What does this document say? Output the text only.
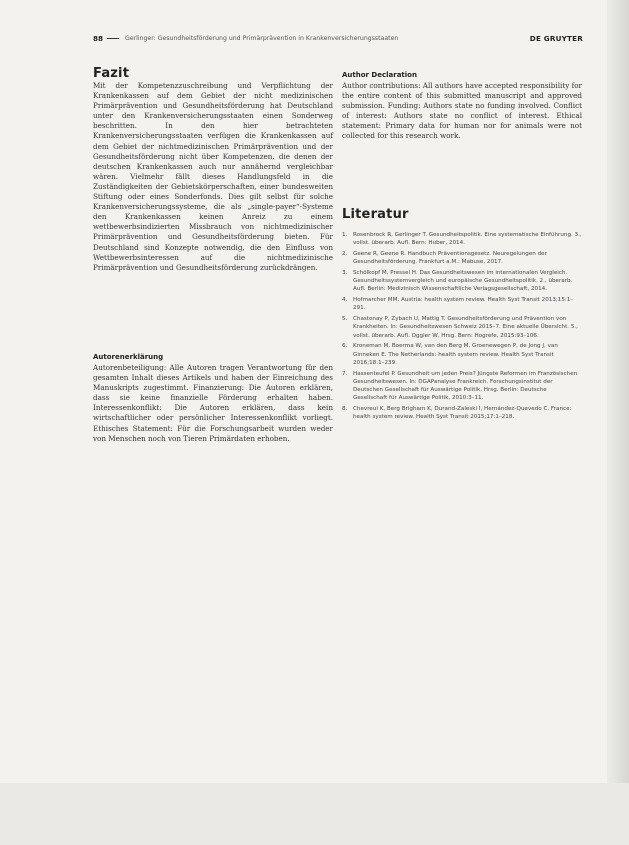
88	Gerlinger: Gesundheitsförderung und Primärprävention in Krankenversicherungsstaaten	DE GRUYTER
Fazit

Mit der Kompetenzzuschreibung und Verpflichtung der Krankenkassen auf dem Gebiet der nicht medizinischen Primärprävention und Gesundheitsförderung hat Deutschland unter den Krankenversicherungsstaaten einen Sonderweg beschritten. In den hier betrachteten Krankenversicherungsstaaten verfügen die Krankenkassen auf dem Gebiet der nichtmedizinischen Primärprävention und der Gesundheitsförderung nicht über Kompetenzen, die denen der deutschen Krankenkassen auch nur annähernd vergleichbar wären. Vielmehr fällt dieses Handlungsfeld in die Zuständigkeiten der Gebietskörperschaften, einer bundesweiten Stiftung oder eines Sonderfonds. Dies gilt selbst für solche Krankenversicherungssysteme, die als „single-payer“-Systeme den Krankenkassen keinen Anreiz zu einem wettbewerbsindizierten Missbrauch von nichtmedizinischer Primärprävention und Gesundheitsförderung bieten. Für Deutschland sind Konzepte notwendig, die den Einfluss von Wettbewerbsinteressen auf die nichtmedizinische Primärprävention und Gesundheitsförderung zurückdrängen.

Autorenerklärung

Autorenbeteiligung: Alle Autoren tragen Verantwortung für den gesamten Inhalt dieses Artikels und haben der Einreichung des Manuskripts zugestimmt. Finanzierung: Die Autoren erklären, dass sie keine finanzielle Förderung erhalten haben. Interessenkonflikt: Die Autoren erklären, dass kein wirtschaftlicher oder persönlicher Interessenkonflikt vorliegt. Ethisches Statement: Für die Forschungsarbeit wurden weder von Menschen noch von Tieren Primärdaten erhoben.

Author Declaration

Author contributions: All authors have accepted responsibility for the entire content of this submitted manuscript and approved submission. Funding: Authors state no funding involved. Conflict of interest: Authors state no conflict of interest. Ethical statement: Primary data for human nor for animals were not collected for this research work.

Literatur
1. Rosenbrock R, Gerlinger T. Gesundheitspolitik. Eine systematische Einführung. 3., vollst. überarb. Aufl. Bern: Huber, 2014.
2. Geene R, Geene R. Handbuch Präventionsgesetz. Neuregelungen der Gesundheitsförderung. Frankfurt a.M.: Mabuse, 2017.
3. Schölkopf M, Pressel H. Das Gesundheitswesen im internationalen Vergleich. Gesundheitssystemvergleich und europäische Gesundheitspolitik. 2., überarb. Aufl. Berlin: Medizinisch Wissenschaftliche Verlagsgesellschaft, 2014.
4. Hofmarcher MM. Austria: health system review. Health Syst Transit 2013;15:1–291.
5. Chastonay P, Zybach U, Mattig T. Gesundheitsförderung und Prävention von Krankheiten. In: Gesundheitswesen Schweiz 2015–7. Eine aktuelle Übersicht. 5., vollst. überarb. Aufl. Oggier W, Hrsg. Bern: Hogrefe, 2015:93–106.
6. Kroneman M, Boerma W, van den Berg M, Groenewegen P, de Jong J, van Ginneken E. The Netherlands: health system review. Health Syst Transit 2016;18:1–239.
7. Hassenteufel P. Gesundheit um jeden Preis? Jüngste Reformen im Französischen Gesundheitswesen. In: DGAPanalyse Frankreich. Forschungsinstitut der Deutschen Gesellschaft für Auswärtige Politik, Hrsg. Berlin: Deutsche Gesellschaft für Auswärtige Politik, 2010:3–11.
8. Chevreul K, Berg Brigham K, Durand-Zaleski I, Hernández-Quevedo C. France: health system review. Health Syst Transit 2015;17:1–218.
